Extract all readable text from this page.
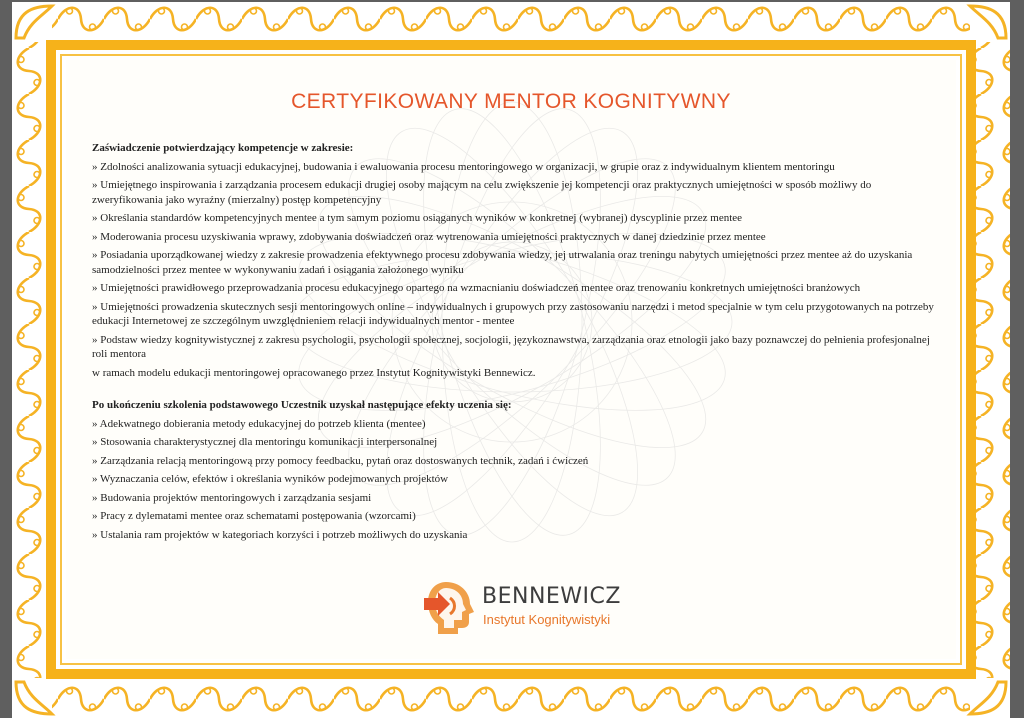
CERTYFIKOWANY MENTOR KOGNITYWNY

Zaświadczenie potwierdzający kompetencje w zakresie:

» Zdolności analizowania sytuacji edukacyjnej, budowania i ewaluowania procesu mentoringowego w organizacji, w grupie oraz z indywidualnym klientem mentoringu

» Umiejętnego inspirowania i zarządzania procesem edukacji drugiej osoby mającym na celu zwiększenie jej kompetencji oraz praktycznych umiejętności w sposób możliwy do zweryfikowania jako wyraźny (mierzalny) postęp kompetencyjny

» Określania standardów kompetencyjnych mentee a tym samym poziomu osiąganych wyników w konkretnej (wybranej) dyscyplinie przez mentee

» Moderowania procesu uzyskiwania wprawy, zdobywania doświadczeń oraz wytrenowania umiejętności praktycznych w danej dziedzinie przez mentee

» Posiadania uporządkowanej wiedzy z zakresie prowadzenia efektywnego procesu zdobywania wiedzy, jej utrwalania oraz treningu nabytych umiejętności przez mentee aż do uzyskania samodzielności przez mentee w wykonywaniu zadań i osiągania założonego wyniku

» Umiejętności prawidłowego przeprowadzania procesu edukacyjnego opartego na wzmacnianiu doświadczeń mentee oraz trenowaniu konkretnych umiejętności branżowych

» Umiejętności prowadzenia skutecznych sesji mentoringowych online – indywidualnych i grupowych przy zastosowaniu narzędzi i metod specjalnie w tym celu przygotowanych na potrzeby edukacji Internetowej ze szczególnym uwzględnieniem relacji indywidualnych mentor - mentee

» Podstaw wiedzy kognitywistycznej z zakresu psychologii, psychologii społecznej, socjologii, językoznawstwa, zarządzania oraz etnologii jako bazy poznawczej do pełnienia profesjonalnej roli mentora

w ramach modelu edukacji mentoringowej opracowanego przez Instytut Kognitywistyki Bennewicz.

Po ukończeniu szkolenia podstawowego Uczestnik uzyskał następujące efekty uczenia się:

» Adekwatnego dobierania metody edukacyjnej do potrzeb klienta (mentee)

» Stosowania charakterystycznej dla mentoringu komunikacji interpersonalnej

» Zarządzania relacją mentoringową przy pomocy feedbacku, pytań oraz dostoswanych technik, zadań i ćwiczeń

» Wyznaczania celów, efektów i określania wyników podejmowanych projektów

» Budowania projektów mentoringowych i zarządzania sesjami

» Pracy z dylematami mentee oraz schematami postępowania (wzorcami)

» Ustalania ram projektów w kategoriach korzyści i potrzeb możliwych do uzyskania

BENNEWICZ
Instytut Kognitywistyki
